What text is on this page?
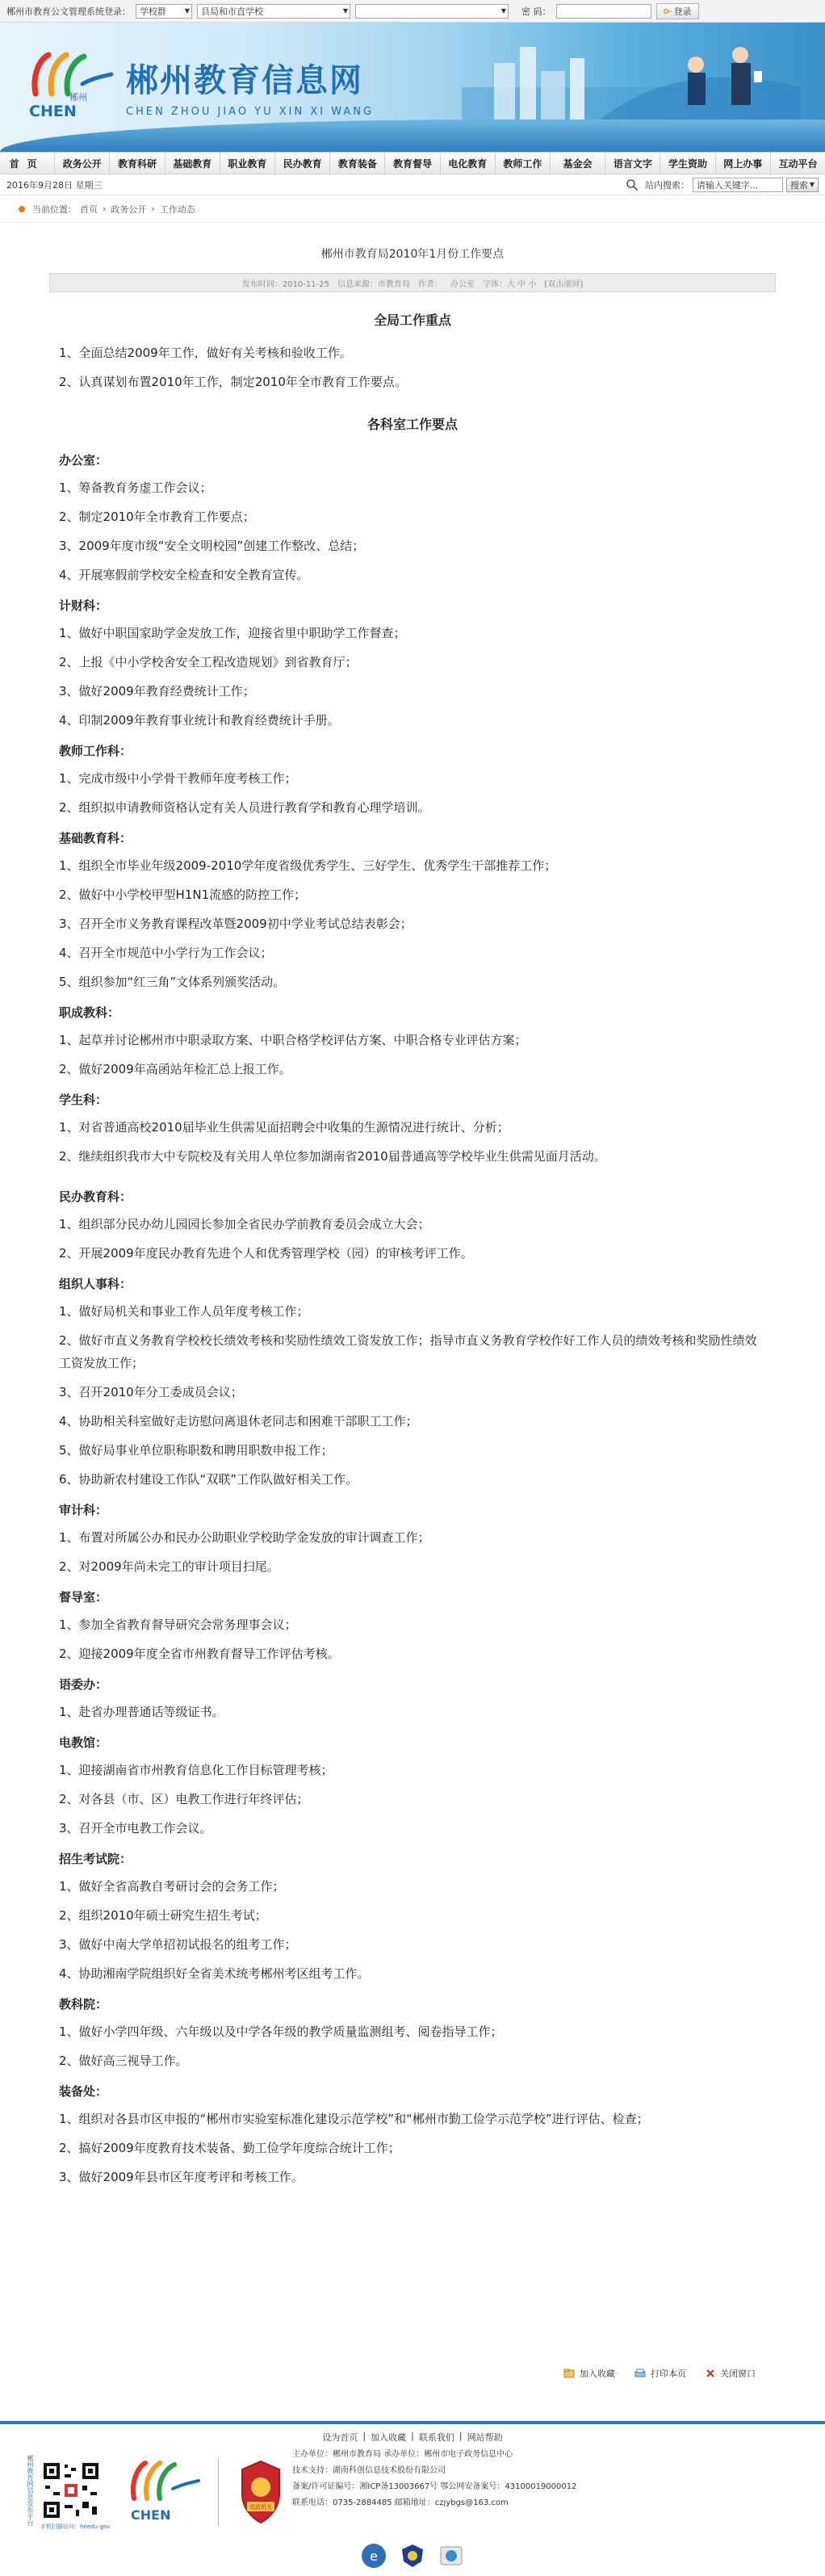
郴州市教育公文管理系统登录： 学校群
▼	县局和 市直学校
▼
▼	密 码：	登录
郴州
CHEN
郴州教育信息网
CHEN ZHOU JIAO YU XIN XI WANG
首页	政务公开	教育科研	基础教育	职业教育	民办教育	教育装备	教育督导	电化教育	教师工作	基金会	语言文字	学生资助	网上办事	互动平台
2016年9月28日 星期三	站内搜索： 请输入关键字...	搜索 ▼
当前位置： 首页 › 政务公开 › 工作动态
郴州市教育局2010年1月份工作要点
发布时间：2010-11-25 信息来源：市教育局 作者： 办公室 字体：大 中 小 [双击滚屏]
全局工作重点
1、全面总结2009年工作，做好有关考核和验收工作。
2、认真谋划布置2010年工作，制定2010年全市教育工作要点。
各科室工作要点
办公室：
1、筹备教育务虚工作会议；
2、制定2010年全市教育工作要点；
3、2009年度市级“安全文明校园”创建工作整改、总结；
4、开展寒假前学校安全检查和安全教育宣传。
计财科：
1、做好中职国家助学金发放工作，迎接省里中职助学工作督查；
2、上报《中小学校舍安全工程改造规划》到省教育厅；
3、做好2009年教育经费统计工作；
4、印制2009年教育事业统计和教育经费统计手册。
教师工作科：
1、完成市级中小学骨干教师年度考核工作；
2、组织拟申请教师资格认定有关人员进行教育学和教育心理学培训。
基础教育科：
1、组织全市毕业年级2009-2010学年度省级优秀学生、三好学生、优秀学生干部推荐工作；
2、做好中小学校甲型H1N1流感的防控工作；
3、召开全市义务教育课程改革暨2009初中学业考试总结表彰会；
4、召开全市规范中小学行为工作会议；
5、组织参加“红三角”文体系列颁奖活动。
职成教科：
1、起草并讨论郴州市中职录取方案、中职合格学校评估方案、中职合格专业评估方案；
2、做好2009年高函站年检汇总上报工作。
学生科：
1、对省普通高校2010届毕业生供需见面招聘会中收集的生源情况进行统计、分析；
2、继续组织我市大中专院校及有关用人单位参加湖南省2010届普通高等学校毕业生供需见面月活动。
民办教育科：
1、组织部分民办幼儿园园长参加全省民办学前教育委员会成立大会；
2、开展2009年度民办教育先进个人和优秀管理学校（园）的审核考评工作。
组织人事科：
1、做好局机关和事业工作人员年度考核工作；
2、做好市直义务教育学校校长绩效考核和奖励性绩效工资发放工作；指导市直义务教育学校作好工作人员的绩效考核和奖励性绩效工资发放工作；
3、召开2010年分工委成员会议；
4、协助相关科室做好走访慰问离退休老同志和困难干部职工工作；
5、做好局事业单位职称职数和聘用职数申报工作；
6、协助新农村建设工作队“双联”工作队做好相关工作。
审计科：
1、布置对所属公办和民办公助职业学校助学金发放的审计调查工作；
2、对2009年尚未完工的审计项目扫尾。
督导室：
1、参加全省教育督导研究会常务理事会议；
2、迎接2009年度全省市州教育督导工作评估考核。
语委办：
1、赴省办理普通话等级证书。
电教馆：
1、迎接湖南省市州教育信息化工作目标管理考核；
2、对各县（市、区）电教工作进行年终评估；
3、召开全市电教工作会议。
招生考试院：
1、做好全省高教自考研讨会的会务工作；
2、组织2010年硕士研究生招生考试；
3、做好中南大学单招初试报名的组考工作；
4、协助湘南学院组织好全省美术统考郴州考区组考工作。
教科院：
1、做好小学四年级、六年级以及中学各年级的教学质量监测组考、阅卷指导工作；
2、做好高三视导工作。
装备处：
1、组织对各县市区申报的“郴州市实验室标准化建设示范学校”和“郴州市勤工俭学示范学校”进行评估、检查；
2、搞好2009年度教育技术装备、勤工俭学年度综合统计工作；
3、做好2009年县市区年度考评和考核工作。
加入收藏	打印本页	关闭窗口
设为首页 | 加入收藏 | 联系我们 | 网站帮助
郴州教育网信息发布平台
手机扫描访问：hnedu-gov
CHEN	党政机关
主办单位：郴州市教育局 承办单位：郴州市电子政务信息中心
技术支持：湖南科创信息技术股份有限公司
备案/许可证编号：湘ICP备13003667号 鄂公网安备案号：43100019000012
联系电话：0735-2884485 邮箱地址：czjybgs@163.com
e
